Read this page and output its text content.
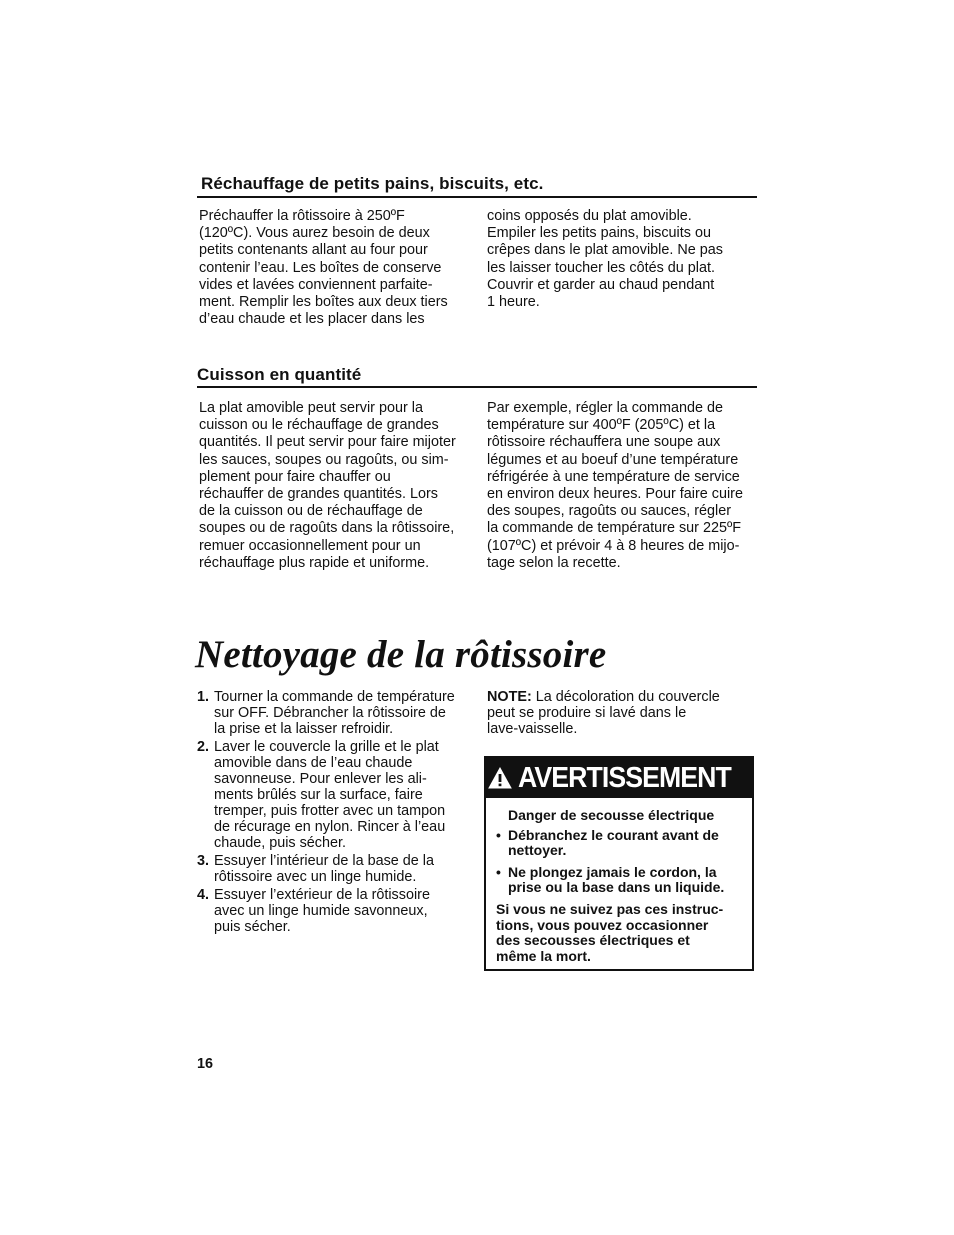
Réchauffage de petits pains, biscuits, etc.

Préchauffer la rôtissoire à 250ºF
(120ºC). Vous aurez besoin de deux
petits contenants allant au four pour
contenir l’eau. Les boîtes de conserve
vides et lavées conviennent parfaite-
ment. Remplir les boîtes aux deux tiers
d’eau chaude et les placer dans les

coins opposés du plat amovible.
Empiler les petits pains, biscuits ou
crêpes dans le plat amovible. Ne pas
les laisser toucher les côtés du plat.
Couvrir et garder au chaud pendant
1 heure.

Cuisson en quantité

La plat amovible peut servir pour la
cuisson ou le réchauffage de grandes
quantités. Il peut servir pour faire mijoter
les sauces, soupes ou ragoûts, ou sim-
plement pour faire chauffer ou
réchauffer de grandes quantités. Lors
de la cuisson ou de réchauffage de
soupes ou de ragoûts dans la rôtissoire,
remuer occasionnellement pour un
réchauffage plus rapide et uniforme.

Par exemple, régler la commande de
température sur 400ºF (205ºC) et la
rôtissoire réchauffera une soupe aux
légumes et au boeuf d’une température
réfrigérée à une température de service
en environ deux heures. Pour faire cuire
des soupes, ragoûts ou sauces, régler
la commande de température sur 225ºF
(107ºC) et prévoir 4 à 8 heures de mijo-
tage selon la recette.

Nettoyage de la rôtissoire
1. Tourner la commande de température
sur OFF. Débrancher la rôtissoire de
la prise et la laisser refroidir.
2. Laver le couvercle la grille et le plat
amovible dans de l’eau chaude
savonneuse. Pour enlever les ali-
ments brûlés sur la surface, faire
tremper, puis frotter avec un tampon
de récurage en nylon. Rincer à l’eau
chaude, puis sécher.
3. Essuyer l’intérieur de la base de la
rôtissoire avec un linge humide.
4. Essuyer l’extérieur de la rôtissoire
avec un linge humide savonneux,
puis sécher.

NOTE: La décoloration du couvercle
peut se produire si lavé dans le
lave-vaisselle.

AVERTISSEMENT

Danger de secousse électrique

• Débranchez le courant avant de
nettoyer.
• Ne plongez jamais le cordon, la
prise ou la base dans un liquide.

Si vous ne suivez pas ces instruc-
tions, vous pouvez occasionner
des secousses électriques et
même la mort.

16
